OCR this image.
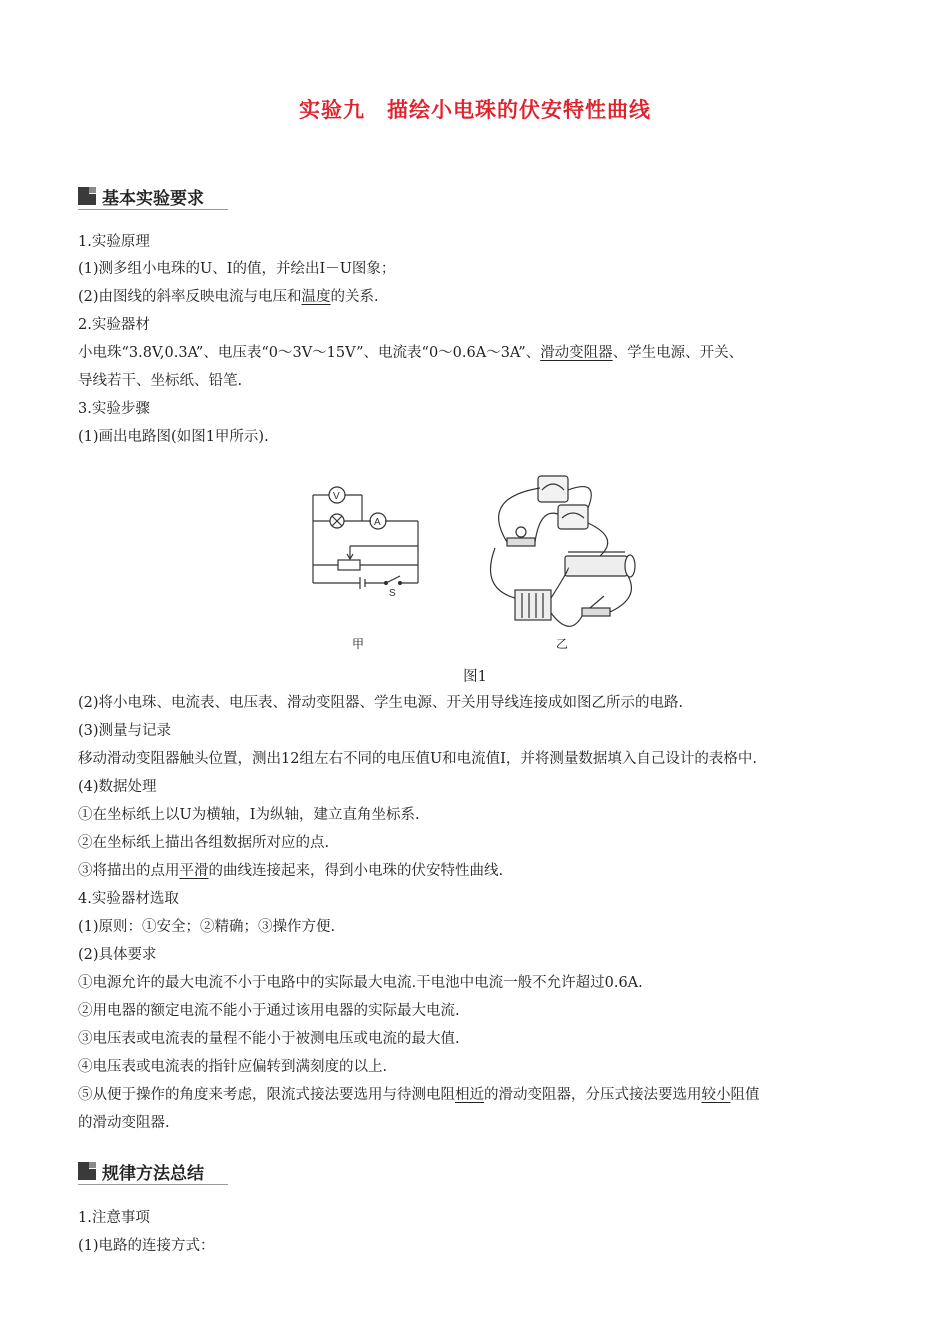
实验九　描绘小电珠的伏安特性曲线
基本实验要求
1.实验原理
(1)测多组小电珠的U、I的值，并绘出I－U图象；
(2)由图线的斜率反映电流与电压和温度的关系.
2.实验器材
小电珠“3.8V,0.3A”、电压表“0～3V～15V”、电流表“0～0.6A～3A”、滑动变阻器、学生电源、开关、
导线若干、坐标纸、铅笔.
3.实验步骤
(1)画出电路图(如图1甲所示).
V
A
S
甲	乙
图1
(2)将小电珠、电流表、电压表、滑动变阻器、学生电源、开关用导线连接成如图乙所示的电路.
(3)测量与记录
移动滑动变阻器触头位置，测出12组左右不同的电压值U和电流值I，并将测量数据填入自己设计的表格中.
(4)数据处理
①在坐标纸上以U为横轴，I为纵轴，建立直角坐标系.
②在坐标纸上描出各组数据所对应的点.
③将描出的点用平滑的曲线连接起来，得到小电珠的伏安特性曲线.
4.实验器材选取
(1)原则：①安全；②精确；③操作方便.
(2)具体要求
①电源允许的最大电流不小于电路中的实际最大电流.干电池中电流一般不允许超过0.6A.
②用电器的额定电流不能小于通过该用电器的实际最大电流.
③电压表或电流表的量程不能小于被测电压或电流的最大值.
④电压表或电流表的指针应偏转到满刻度的以上.
⑤从便于操作的角度来考虑，限流式接法要选用与待测电阻相近的滑动变阻器，分压式接法要选用较小阻值
的滑动变阻器.
规律方法总结
1.注意事项
(1)电路的连接方式：
